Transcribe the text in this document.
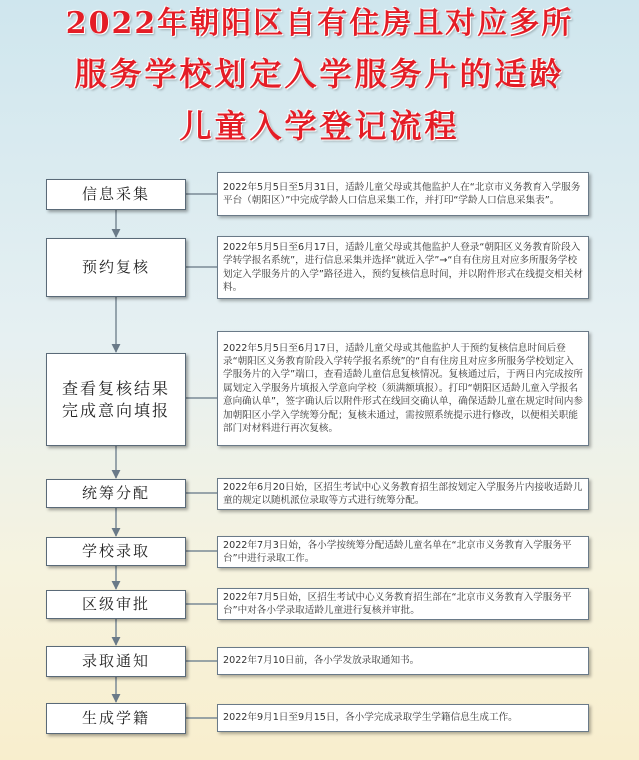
2022年朝阳区自有住房且对应多所
服务学校划定入学服务片的适龄
儿童入学登记流程
信息采集
预约复核
查看复核结果
完成意向填报
统筹分配
学校录取
区级审批
录取通知
生成学籍
2022年5月5日至5月31日，适龄儿童父母或其他监护人在“北京市义务教育入学服务平台（朝阳区）”中完成学龄人口信息采集工作，并打印“学龄人口信息采集表”。
2022年5月5日至6月17日，适龄儿童父母或其他监护人登录“朝阳区义务教育阶段入学转学报名系统”，进行信息采集并选择“就近入学”→“自有住房且对应多所服务学校划定入学服务片的入学”路径进入，预约复核信息时间，并以附件形式在线提交相关材料。
2022年5月5日至6月17日，适龄儿童父母或其他监护人于预约复核信息时间后登录“朝阳区义务教育阶段入学转学报名系统”的“自有住房且对应多所服务学校划定入学服务片的入学”端口，查看适龄儿童信息复核情况。复核通过后，于两日内完成按所属划定入学服务片填报入学意向学校（须满额填报）。打印“朝阳区适龄儿童入学报名意向确认单”，签字确认后以附件形式在线回交确认单，确保适龄儿童在规定时间内参加朝阳区小学入学统筹分配；复核未通过，需按照系统提示进行修改，以便相关职能部门对材料进行再次复核。
2022年6月20日始，区招生考试中心义务教育招生部按划定入学服务片内接收适龄儿童的规定以随机派位录取等方式进行统筹分配。
2022年7月3日始，各小学按统筹分配适龄儿童名单在“北京市义务教育入学服务平台”中进行录取工作。
2022年7月5日始，区招生考试中心义务教育招生部在“北京市义务教育入学服务平台”中对各小学录取适龄儿童进行复核并审批。
2022年7月10日前，各小学发放录取通知书。
2022年9月1日至9月15日，各小学完成录取学生学籍信息生成工作。
